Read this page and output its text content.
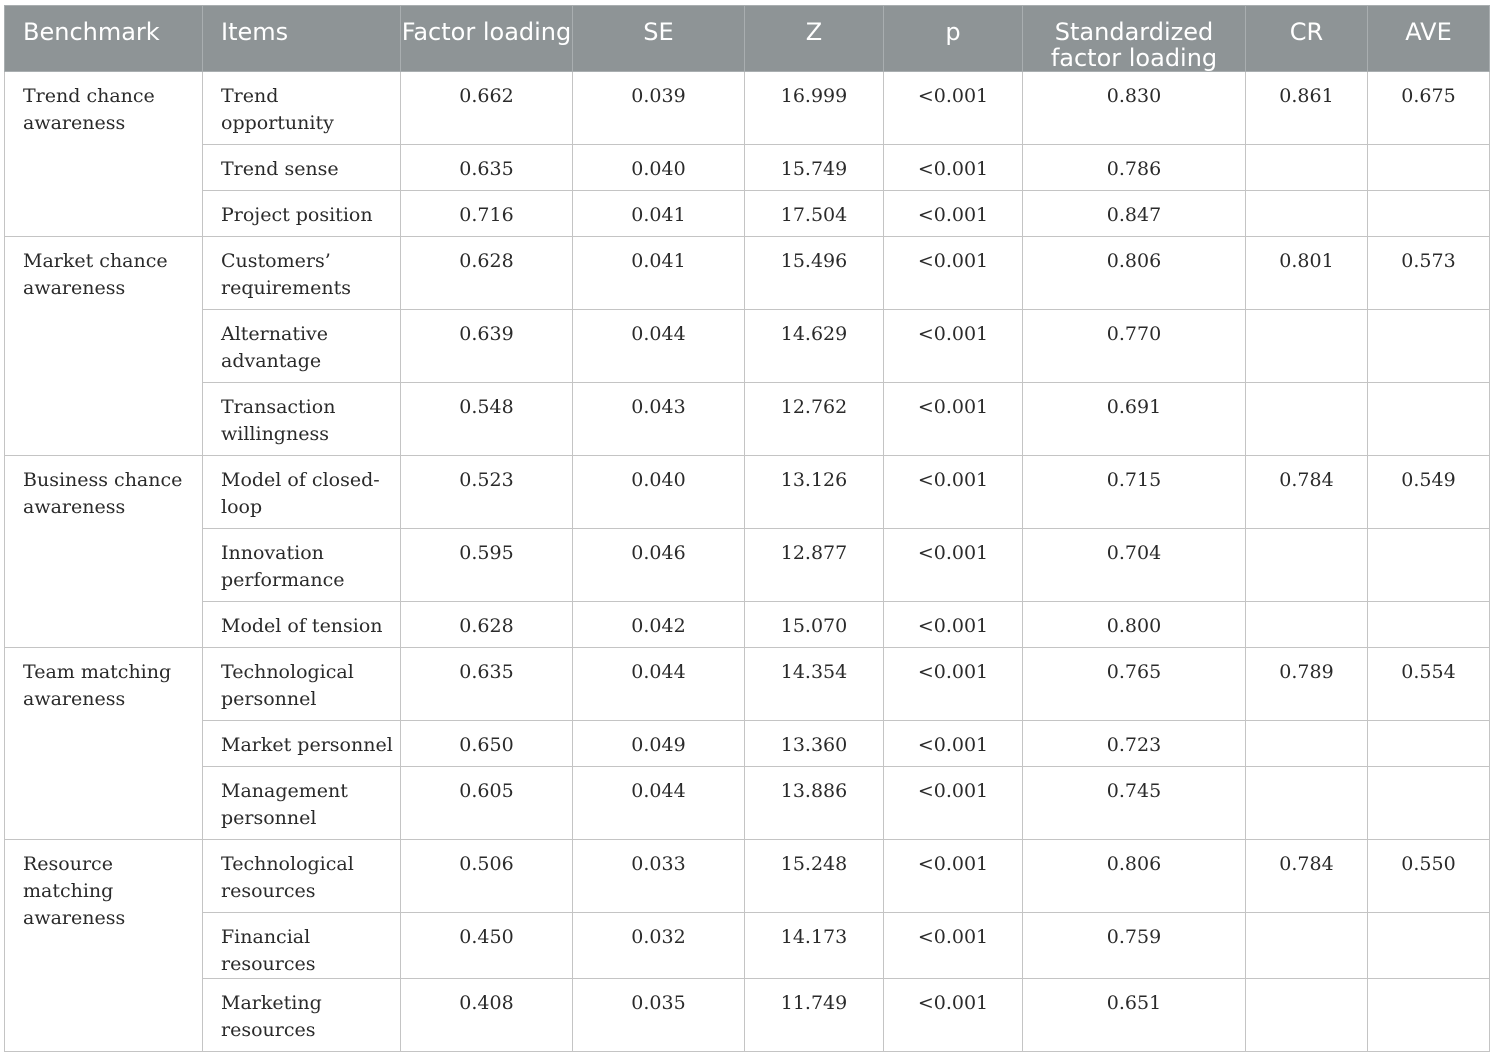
Benchmark	Items	Factor loading	SE	Z	p	Standardized factor loading	CR	AVE
Trend chance awareness	Trend opportunity	0.662	0.039	16.999	<0.001	0.830	0.861	0.675
	Trend sense	0.635	0.040	15.749	<0.001	0.786		
	Project position	0.716	0.041	17.504	<0.001	0.847		
Market chance awareness	Customers’ requirements	0.628	0.041	15.496	<0.001	0.806	0.801	0.573
	Alternative advantage	0.639	0.044	14.629	<0.001	0.770		
	Transaction willingness	0.548	0.043	12.762	<0.001	0.691		
Business chance awareness	Model of closed-loop	0.523	0.040	13.126	<0.001	0.715	0.784	0.549
	Innovation performance	0.595	0.046	12.877	<0.001	0.704		
	Model of tension	0.628	0.042	15.070	<0.001	0.800		
Team matching awareness	Technological personnel	0.635	0.044	14.354	<0.001	0.765	0.789	0.554
	Market personnel	0.650	0.049	13.360	<0.001	0.723		
	Management personnel	0.605	0.044	13.886	<0.001	0.745		
Resource matching awareness	Technological resources	0.506	0.033	15.248	<0.001	0.806	0.784	0.550
	Financial resources	0.450	0.032	14.173	<0.001	0.759		
	Marketing resources	0.408	0.035	11.749	<0.001	0.651		
